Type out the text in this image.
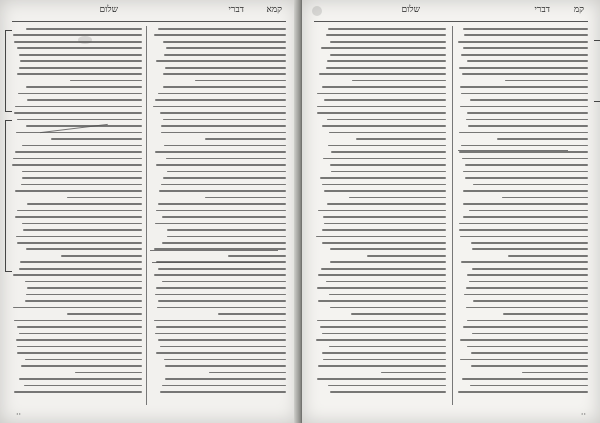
קמא
דברי
שלום
··
קמ
דברי
שלום
··
